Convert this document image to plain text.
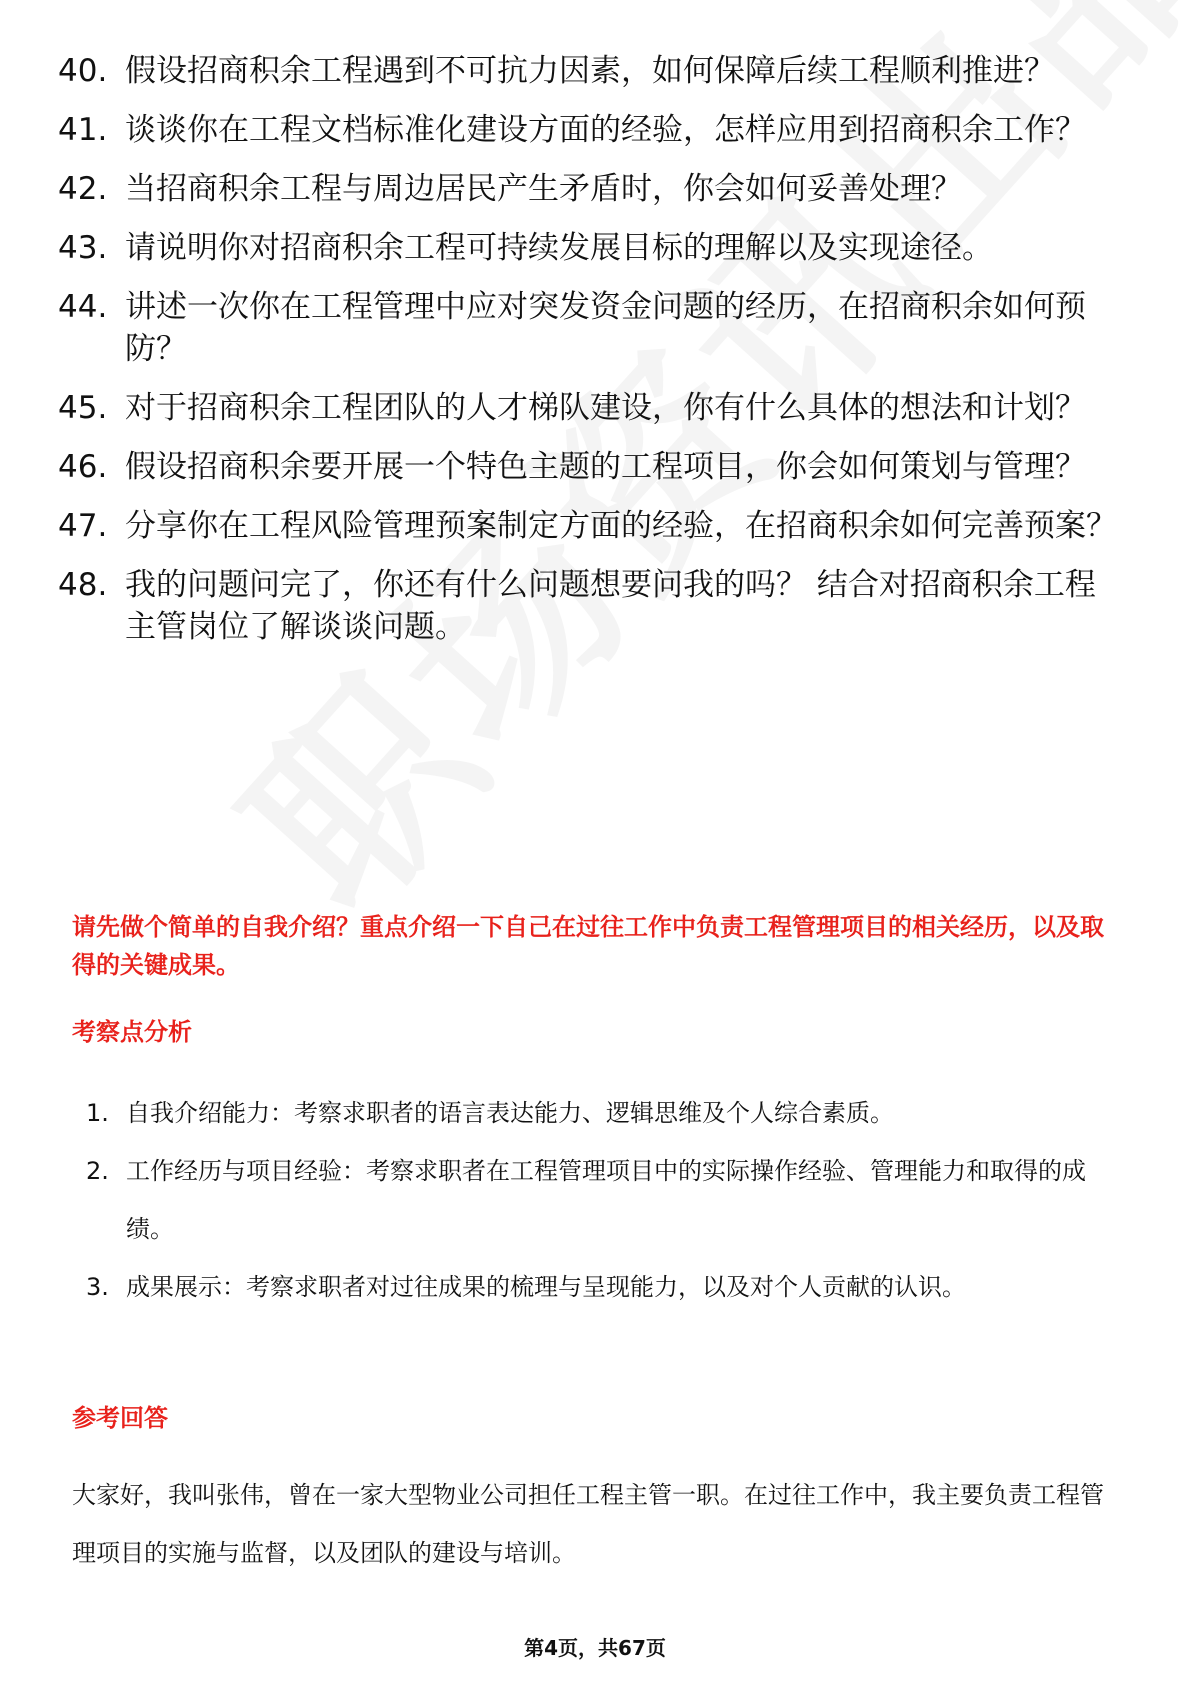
40. 假设招商积余工程遇到不可抗力因素，如何保障后续工程顺利推进？
41. 谈谈你在工程文档标准化建设方面的经验，怎样应用到招商积余工作？
42. 当招商积余工程与周边居民产生矛盾时，你会如何妥善处理？
43. 请说明你对招商积余工程可持续发展目标的理解以及实现途径。
44. 讲述一次你在工程管理中应对突发资金问题的经历，在招商积余如何预防？
45. 对于招商积余工程团队的人才梯队建设，你有什么具体的想法和计划？
46. 假设招商积余要开展一个特色主题的工程项目，你会如何策划与管理？
47. 分享你在工程风险管理预案制定方面的经验，在招商积余如何完善预案？
48. 我的问题问完了，你还有什么问题想要问我的吗？ 结合对招商积余工程主管岗位了解谈谈问题。
请先做个简单的自我介绍？重点介绍一下自己在过往工作中负责工程管理项目的相关经历，以及取得的关键成果。
考察点分析
1. 自我介绍能力：考察求职者的语言表达能力、逻辑思维及个人综合素质。
2. 工作经历与项目经验：考察求职者在工程管理项目中的实际操作经验、管理能力和取得的成绩。
3. 成果展示：考察求职者对过往成果的梳理与呈现能力，以及对个人贡献的认识。
参考回答
大家好，我叫张伟，曾在一家大型物业公司担任工程主管一职。在过往工作中，我主要负责工程管理项目的实施与监督，以及团队的建设与培训。
第4页，共67页
